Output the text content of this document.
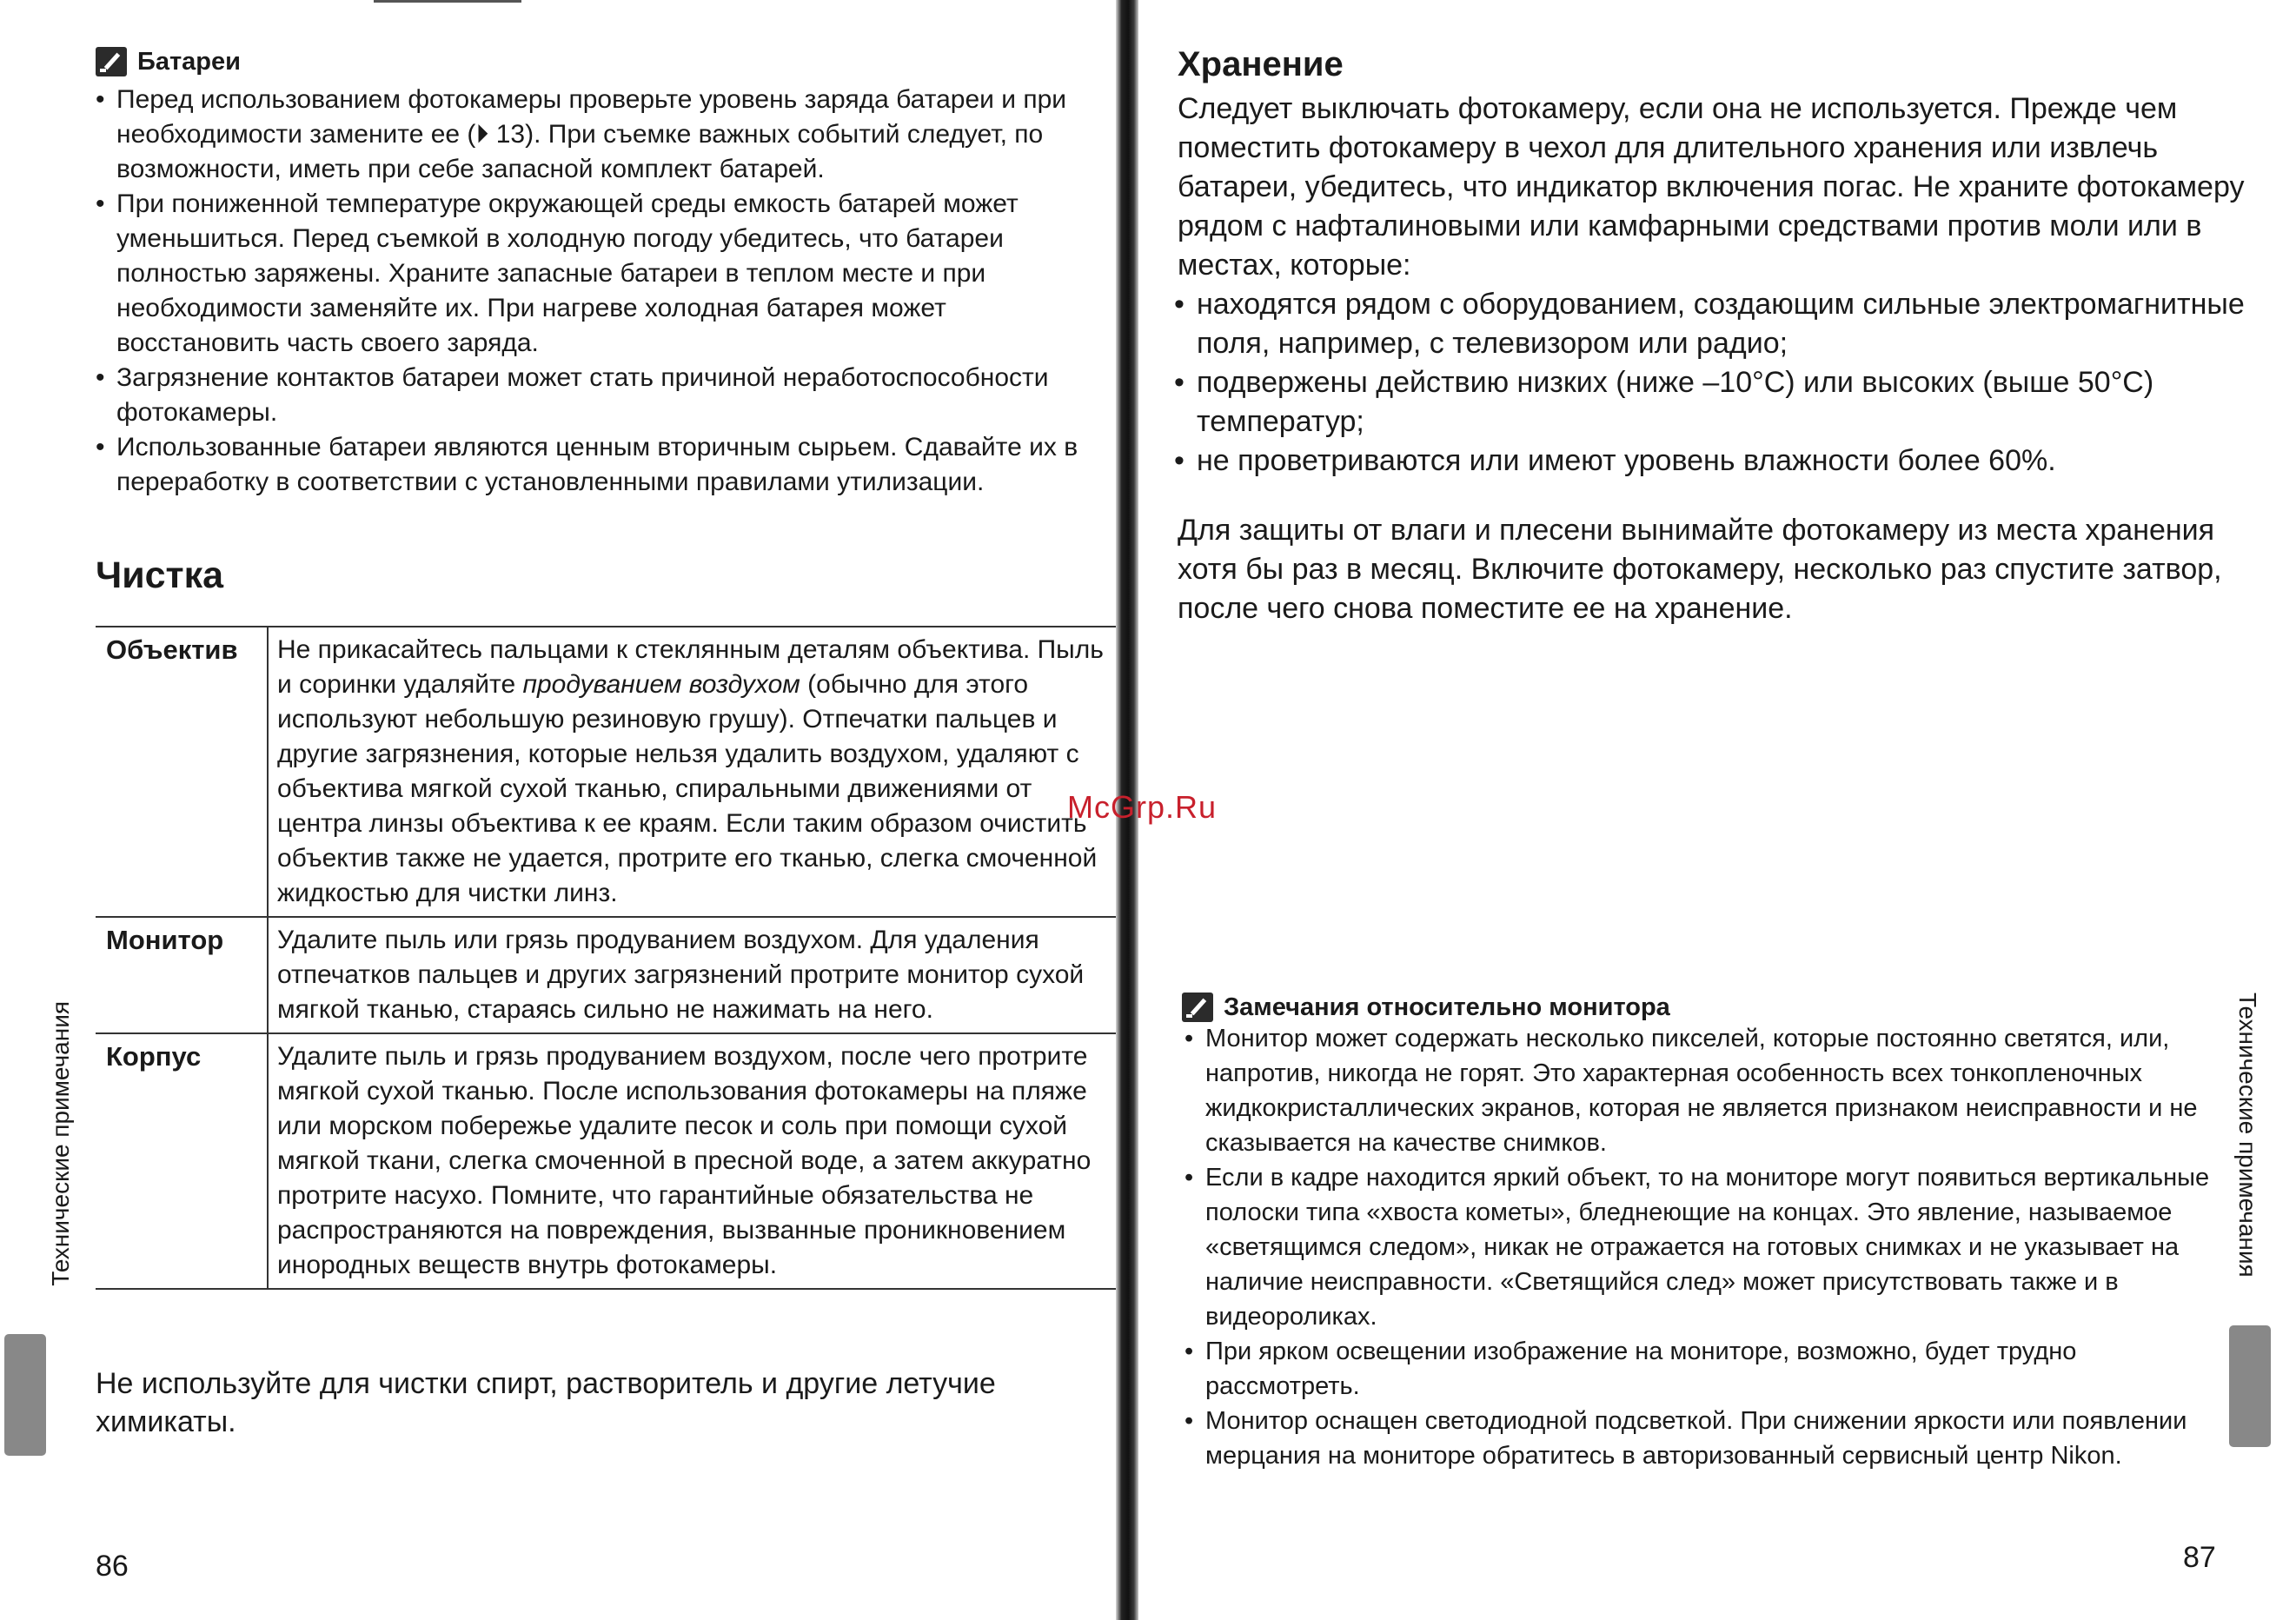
Батареи
• Перед использованием фотокамеры проверьте уровень заряда батареи и при необходимости замените ее (⏵ 13). При съемке важных событий следует, по возможности, иметь при себе запасной комплект батарей.
• При пониженной температуре окружающей среды емкость батарей может уменьшиться. Перед съемкой в холодную погоду убедитесь, что батареи полностью заряжены. Храните запасные батареи в теплом месте и при необходимости заменяйте их. При нагреве холодная батарея может восстановить часть своего заряда.
• Загрязнение контактов батареи может стать причиной неработоспособности фотокамеры.
• Использованные батареи являются ценным вторичным сырьем. Сдавайте их в переработку в соответствии с установленными правилами утилизации.
Чистка
Объектив	Не прикасайтесь пальцами к стеклянным деталям объектива. Пыль и соринки удаляйте продуванием воздухом (обычно для этого используют небольшую резиновую грушу). Отпечатки пальцев и другие загрязнения, которые нельзя удалить воздухом, удаляют с объектива мягкой сухой тканью, спиральными движениями от центра линзы объектива к ее краям. Если таким образом очистить объектив также не удается, протрите его тканью, слегка смоченной жидкостью для чистки линз.
Монитор	Удалите пыль или грязь продуванием воздухом. Для удаления отпечатков пальцев и других загрязнений протрите монитор сухой мягкой тканью, стараясь сильно не нажимать на него.
Корпус	Удалите пыль и грязь продуванием воздухом, после чего протрите мягкой сухой тканью. После использования фотокамеры на пляже или морском побережье удалите песок и соль при помощи сухой мягкой ткани, слегка смоченной в пресной воде, а затем аккуратно протрите насухо. Помните, что гарантийные обязательства не распространяются на повреждения, вызванные проникновением инородных веществ внутрь фотокамеры.

Не используйте для чистки спирт, растворитель и другие летучие химикаты.

Технические примечания
86
Хранение

Следует выключать фотокамеру, если она не используется. Прежде чем поместить фотокамеру в чехол для длительного хранения или извлечь батареи, убедитесь, что индикатор включения погас. Не храните фотокамеру рядом с нафталиновыми или камфарными средствами против моли или в местах, которые:

• находятся рядом с оборудованием, создающим сильные электромагнитные поля, например, с телевизором или радио;
• подвержены действию низких (ниже –10°C) или высоких (выше 50°C) температур;
• не проветриваются или имеют уровень влажности более 60%.

Для защиты от влаги и плесени вынимайте фотокамеру из места хранения хотя бы раз в месяц. Включите фотокамеру, несколько раз спустите затвор, после чего снова поместите ее на хранение.

Замечания относительно монитора
• Монитор может содержать несколько пикселей, которые постоянно светятся, или, напротив, никогда не горят. Это характерная особенность всех тонкопленочных жидкокристаллических экранов, которая не является признаком неисправности и не сказывается на качестве снимков.
• Если в кадре находится яркий объект, то на мониторе могут появиться вертикальные полоски типа «хвоста кометы», бледнеющие на концах. Это явление, называемое «светящимся следом», никак не отражается на готовых снимках и не указывает на наличие неисправности. «Светящийся след» может присутствовать также и в видеороликах.
• При ярком освещении изображение на мониторе, возможно, будет трудно рассмотреть.
• Монитор оснащен светодиодной подсветкой. При снижении яркости или появлении мерцания на мониторе обратитесь в авторизованный сервисный центр Nikon.
Технические примечания
87
McGrp.Ru
